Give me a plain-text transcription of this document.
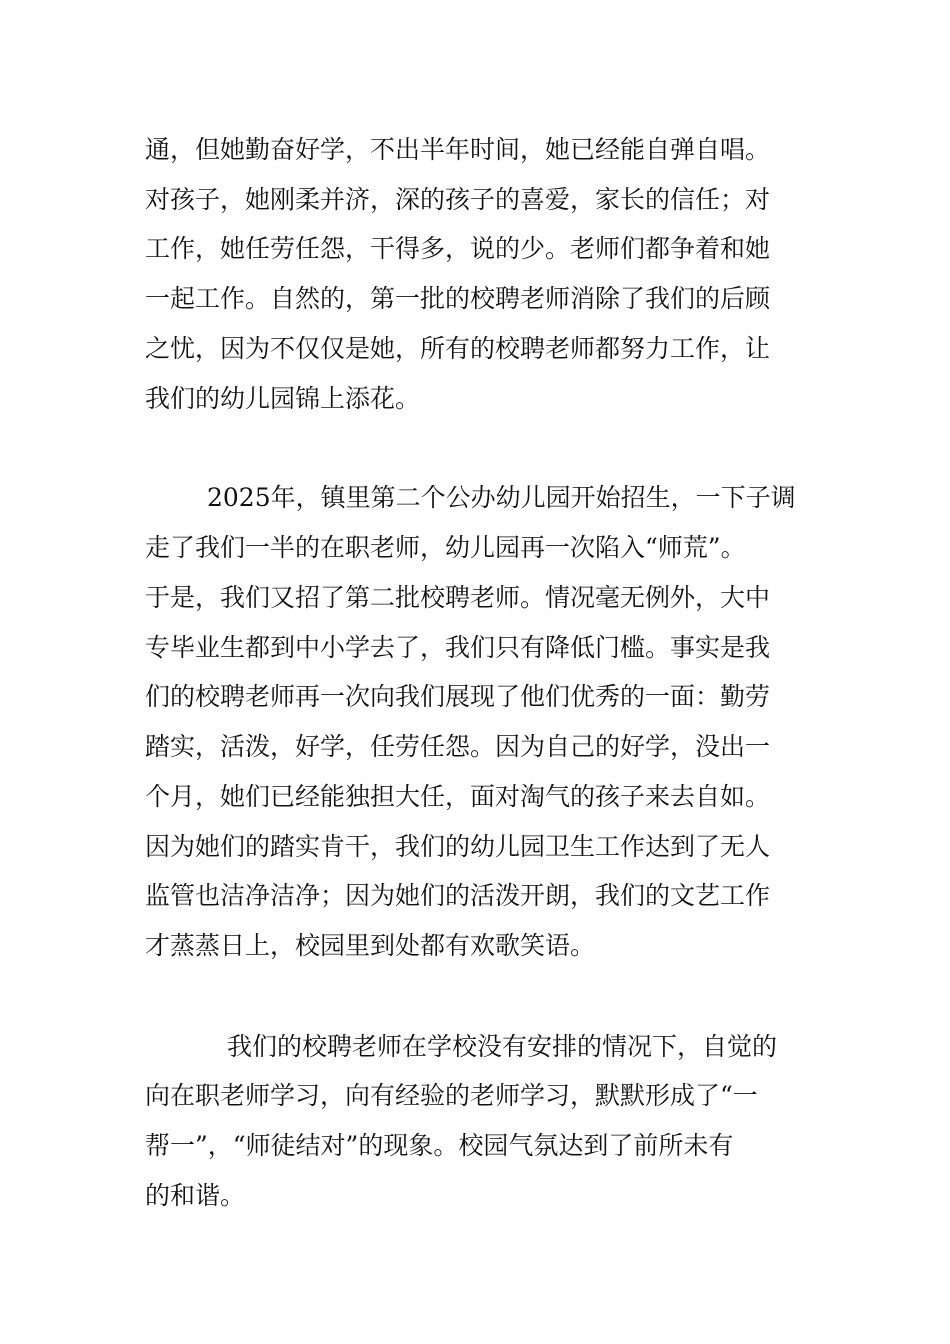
通，但她勤奋好学，不出半年时间，她已经能自弹自唱。

对孩子，她刚柔并济，深的孩子的喜爱，家长的信任；对

工作，她任劳任怨，干得多，说的少。老师们都争着和她

一起工作。自然的，第一批的校聘老师消除了我们的后顾

之忧，因为不仅仅是她，所有的校聘老师都努力工作，让

我们的幼儿园锦上添花。

2025年，镇里第二个公办幼儿园开始招生，一下子调

走了我们一半的在职老师，幼儿园再一次陷入“师荒”。

于是，我们又招了第二批校聘老师。情况毫无例外，大中

专毕业生都到中小学去了，我们只有降低门槛。事实是我

们的校聘老师再一次向我们展现了他们优秀的一面：勤劳

踏实，活泼，好学，任劳任怨。因为自己的好学，没出一

个月，她们已经能独担大任，面对淘气的孩子来去自如。

因为她们的踏实肯干，我们的幼儿园卫生工作达到了无人

监管也洁净洁净；因为她们的活泼开朗，我们的文艺工作

才蒸蒸日上，校园里到处都有欢歌笑语。

我们的校聘老师在学校没有安排的情况下，自觉的

向在职老师学习，向有经验的老师学习，默默形成了“一

帮一”，“师徒结对”的现象。校园气氛达到了前所未有

的和谐。
